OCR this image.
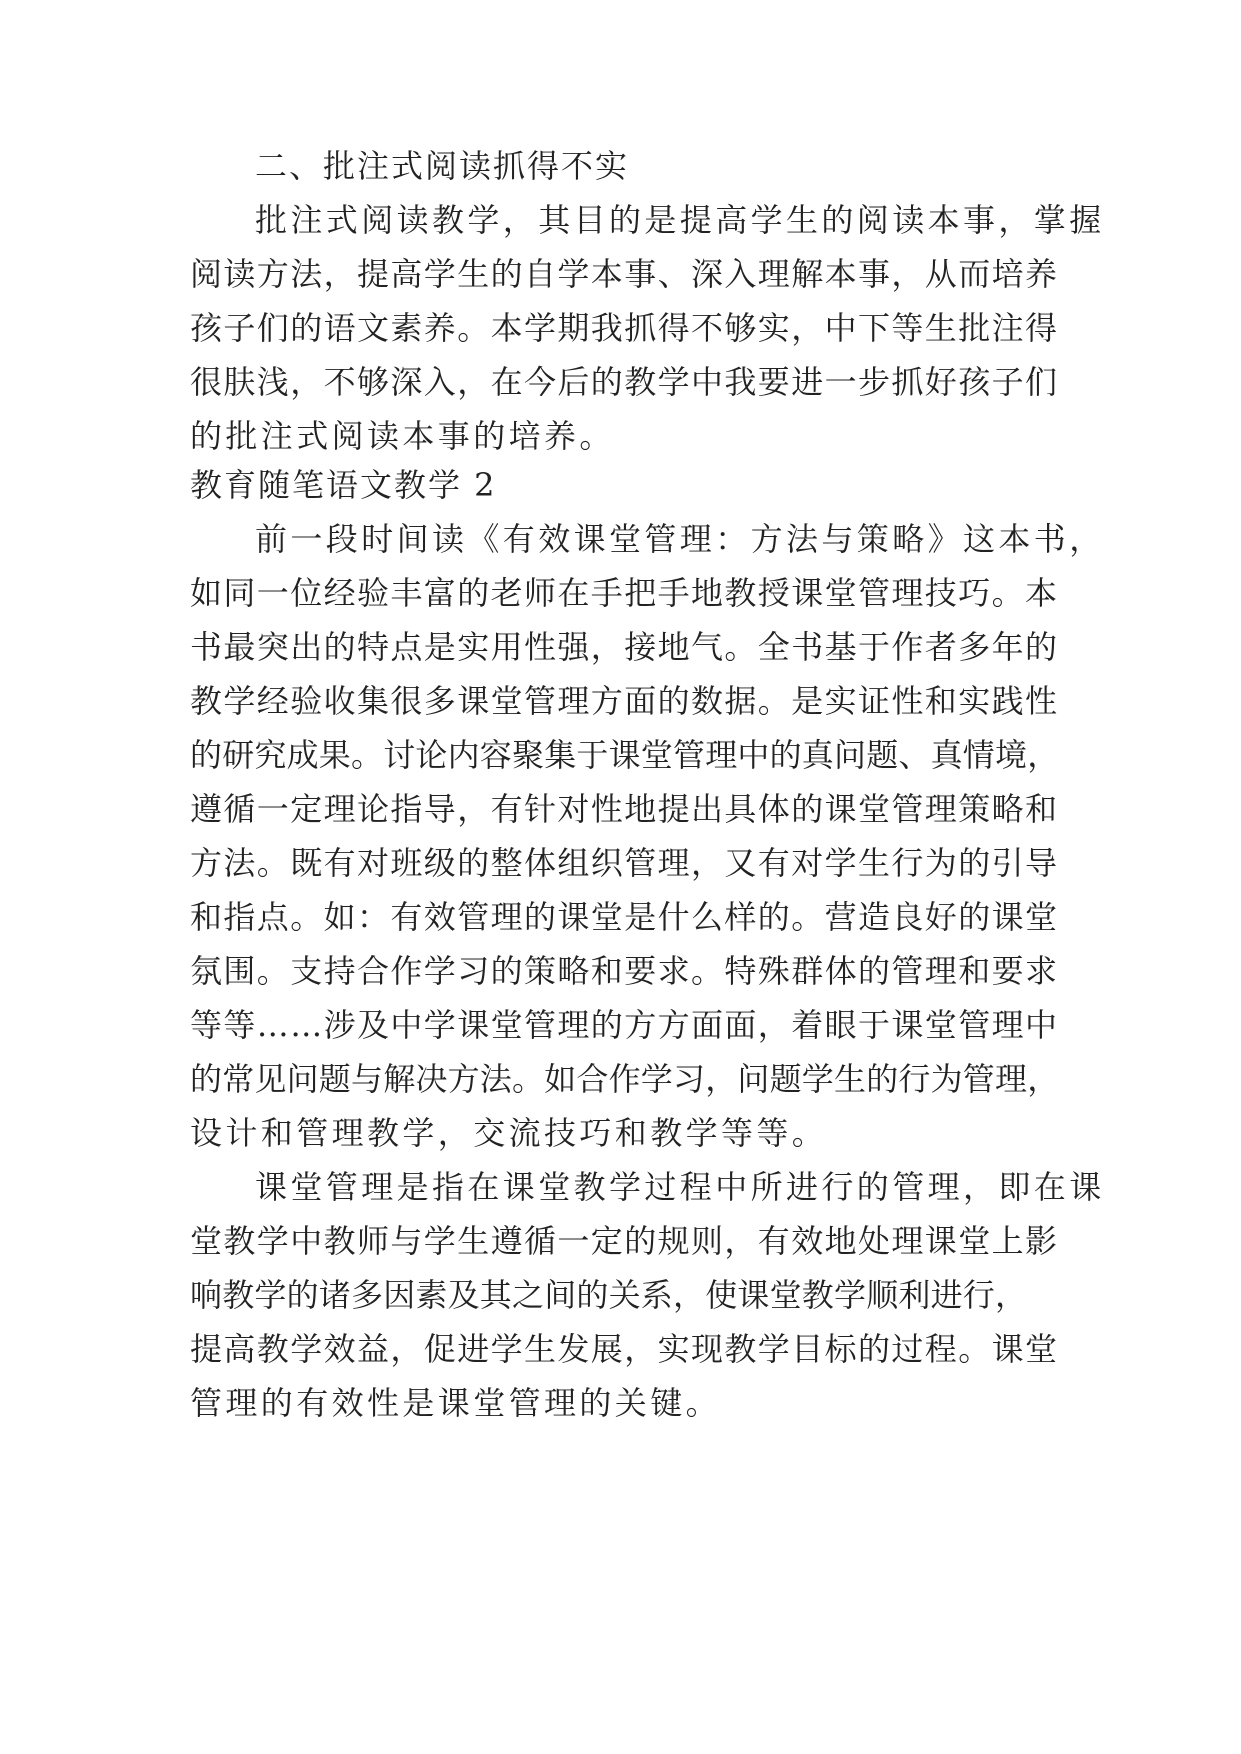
二、批注式阅读抓得不实
批注式阅读教学，其目的是提高学生的阅读本事，掌握
阅读方法，提高学生的自学本事、深入理解本事，从而培养
孩子们的语文素养。本学期我抓得不够实，中下等生批注得
很肤浅，不够深入，在今后的教学中我要进一步抓好孩子们
的批注式阅读本事的培养。
教育随笔语文教学 2
前一段时间读《有效课堂管理：方法与策略》这本书，
如同一位经验丰富的老师在手把手地教授课堂管理技巧。本
书最突出的特点是实用性强，接地气。全书基于作者多年的
教学经验收集很多课堂管理方面的数据。是实证性和实践性
的研究成果。讨论内容聚集于课堂管理中的真问题、真情境，
遵循一定理论指导，有针对性地提出具体的课堂管理策略和
方法。既有对班级的整体组织管理，又有对学生行为的引导
和指点。如：有效管理的课堂是什么样的。营造良好的课堂
氛围。支持合作学习的策略和要求。特殊群体的管理和要求
等等……涉及中学课堂管理的方方面面，着眼于课堂管理中
的常见问题与解决方法。如合作学习，问题学生的行为管理，
设计和管理教学，交流技巧和教学等等。
课堂管理是指在课堂教学过程中所进行的管理，即在课
堂教学中教师与学生遵循一定的规则，有效地处理课堂上影
响教学的诸多因素及其之间的关系，使课堂教学顺利进行，
提高教学效益，促进学生发展，实现教学目标的过程。课堂
管理的有效性是课堂管理的关键。
